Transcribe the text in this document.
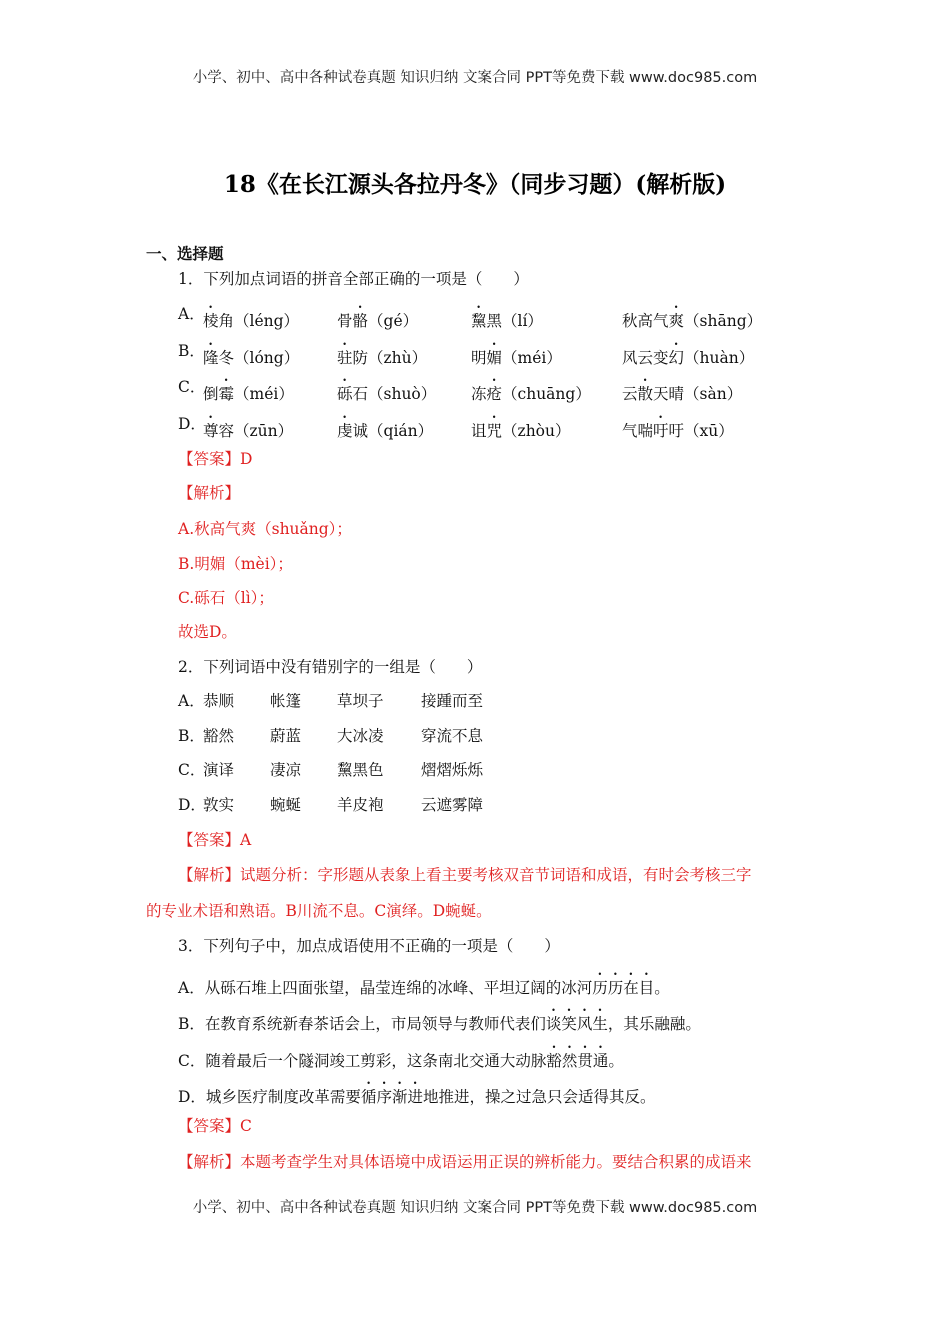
小学、初中、高中各种试卷真题 知识归纳 文案合同 PPT等免费下载 www.doc985.com
18《在长江源头各拉丹冬》（同步习题）(解析版)
一、选择题
1．下列加点词语的拼音全部正确的一项是（　　）
A．
棱角（léng） 骨骼（gé）	黧黑（lí）	秋高气爽（shāng）
B．
隆冬（lóng） 驻防（zhù）	明媚（méi）	风云变幻（huàn）
C．
倒霉（méi）	砾石（shuò） 冻疮（chuāng） 云散天晴（sàn）
D．
尊容（zūn）	虔诚（qián） 诅咒（zhòu）	气喘吁吁（xū）
【答案】D
【解析】
A.秋高气爽（shuǎng）；
B.明媚（mèi）；
C.砾石（lì）；
故选D。
2．下列词语中没有错别字的一组是（　　）
A．
恭顺 帐篷 草坝子 接踵而至
B．
豁然 蔚蓝 大冰凌 穿流不息
C．
演译 凄凉 黧黑色 熠熠烁烁
D．
敦实 蜿蜒 羊皮袍 云遮雾障
【答案】A
【解析】试题分析：字形题从表象上看主要考核双音节词语和成语，有时会考核三字
的专业术语和熟语。B川流不息。C演绎。D蜿蜒。
3．下列句子中，加点成语使用不正确的一项是（　　）
A．从砾石堆上四面张望，晶莹连绵的冰峰、平坦辽阔的冰河历历在目。
B．在教育系统新春茶话会上，市局领导与教师代表们谈笑风生，其乐融融。
C．随着最后一个隧洞竣工剪彩，这条南北交通大动脉豁然贯通。
D．城乡医疗制度改革需要循序渐进地推进，操之过急只会适得其反。
【答案】C
【解析】本题考查学生对具体语境中成语运用正误的辨析能力。要结合积累的成语来
小学、初中、高中各种试卷真题 知识归纳 文案合同 PPT等免费下载 www.doc985.com
